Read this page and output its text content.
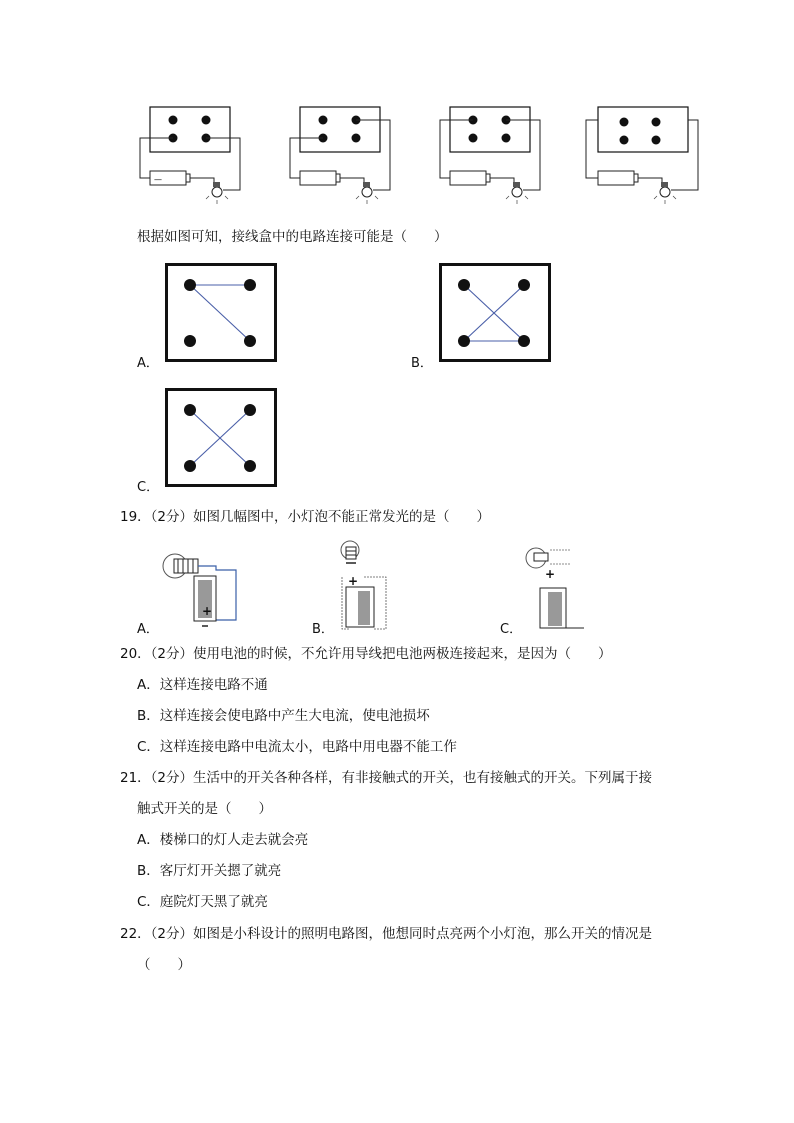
—
根据如图可知，接线盒中的电路连接可能是（　　）
A．	B．
C．
19．（2分）如图几幅图中，小灯泡不能正常发光的是（　　）
A．
+
B．
+
C．
+
20．（2分）使用电池的时候，不允许用导线把电池两极连接起来，是因为（　　）
A．这样连接电路不通
B．这样连接会使电路中产生大电流，使电池损坏
C．这样连接电路中电流太小，电路中用电器不能工作
21．（2分）生活中的开关各种各样，有非接触式的开关，也有接触式的开关。下列属于接
触式开关的是（　　）
A．楼梯口的灯人走去就会亮
B．客厅灯开关摁了就亮
C．庭院灯天黑了就亮
22．（2分）如图是小科设计的照明电路图，他想同时点亮两个小灯泡，那么开关的情况是
（　　）
